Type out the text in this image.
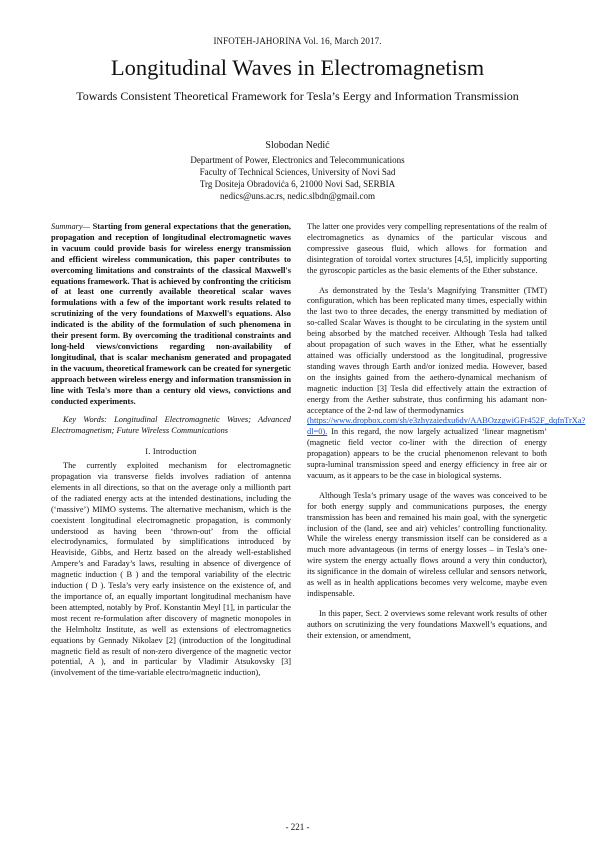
INFOTEH-JAHORINA Vol. 16, March 2017.
Longitudinal Waves in Electromagnetism
Towards Consistent Theoretical Framework for Tesla’s Eergy and Information Transmission
Slobodan Nedić
Department of Power, Electronics and Telecommunications
Faculty of Technical Sciences, University of Novi Sad
Trg Dositeja Obradovića 6, 21000 Novi Sad, SERBIA
nedics@uns.ac.rs, nedic.slbdn@gmail.com

Summary— Starting from general expectations that the generation, propagation and reception of longitudinal electromagnetic waves in vacuum could provide basis for wireless energy transmission and efficient wireless communication, this paper contributes to overcoming limitations and constraints of the classical Maxwell's equations framework. That is achieved by confronting the criticism of at least one currently available theoretical scalar waves formulations with a few of the important work results related to scrutinizing of the very foundations of Maxwell's equations. Also indicated is the ability of the formulation of such phenomena in their present form. By overcoming the traditional constraints and long-held views/convictions regarding non-availability of longitudinal, that is scalar mechanism generated and propagated in the vacuum, theoretical framework can be created for synergetic approach between wireless energy and information transmission in line with Tesla's more than a century old views, convictions and conducted experiments.

Key Words: Longitudinal Electromagnetic Waves; Advanced Electromagnetism; Future Wireless Communications

I. Introduction

The currently exploited mechanism for electromagnetic propagation via transverse fields involves radiation of antenna elements in all directions, so that on the average only a millionth part of the radiated energy acts at the intended destinations, including the (‘massive’) MIMO systems. The alternative mechanism, which is the coexistent longitudinal electromagnetic propagation, is commonly understood as having been ‘thrown-out’ from the official electrodynamics, formulated by simplifications introduced by Heaviside, Gibbs, and Hertz based on the already well-established Ampere’s and Faraday’s laws, resulting in absence of divergence of magnetic induction ( B ) and the temporal variability of the electric induction ( D ). Tesla’s very early insistence on the existence of, and the importance of, an equally important longitudinal mechanism have been attempted, notably by Prof. Konstantin Meyl [1], in particular the most recent re-formulation after discovery of magnetic monopoles in the Helmholtz Institute, as well as extensions of electromagnetics equations by Gennady Nikolaev [2] (introduction of the longitudinal magnetic field as result of non-zero divergence of the magnetic vector potential, A ), and in particular by Vladimir Atsukovsky [3] (involvement of the time-variable electro/magnetic induction),

The latter one provides very compelling representations of the realm of electromagnetics as dynamics of the particular viscous and compressive gaseous fluid, which allows for formation and disintegration of toroidal vortex structures [4,5], implicitly supporting the gyroscopic particles as the basic elements of the Ether substance.

As demonstrated by the Tesla’s Magnifying Transmitter (TMT) configuration, which has been replicated many times, especially within the last two to three decades, the energy transmitted by mediation of so-called Scalar Waves is thought to be circulating in the system until being absorbed by the matched receiver. Although Tesla had talked about propagation of such waves in the Ether, what he essentially attained was officially understood as the longitudinal, progressive standing waves through Earth and/or ionized media. However, based on the insights gained from the aethero-dynamical mechanism of magnetic induction [3] Tesla did effectively attain the extraction of energy from the Aether substrate, thus confirming his adamant non-acceptance of the 2-nd law of thermodynamics

(https://www.dropbox.com/sh/e3zhyzaiedxu6dv/AABOzzgwiGFr452F_dqfnTrXa?dl=0). In this regard, the now largely actualized ‘linear magnetism’ (magnetic field vector co-liner with the direction of energy propagation) appears to be the crucial phenomenon relevant to both supra-luminal transmission speed and energy efficiency in free air or vacuum, as it appears to be the case in biological systems.

Although Tesla’s primary usage of the waves was conceived to be for both energy supply and communications purposes, the energy transmission has been and remained his main goal, with the synergetic inclusion of the (land, see and air) vehicles’ controlling functionality. While the wireless energy transmission itself can be considered as a much more advantageous (in terms of energy losses – in Tesla’s one-wire system the energy actually flows around a very thin conductor), its significance in the domain of wireless cellular and sensors network, as well as in health applications becomes very welcome, maybe even indispensable.

In this paper, Sect. 2 overviews some relevant work results of other authors on scrutinizing the very foundations Maxwell’s equations, and their extension, or amendment,

- 221 -
